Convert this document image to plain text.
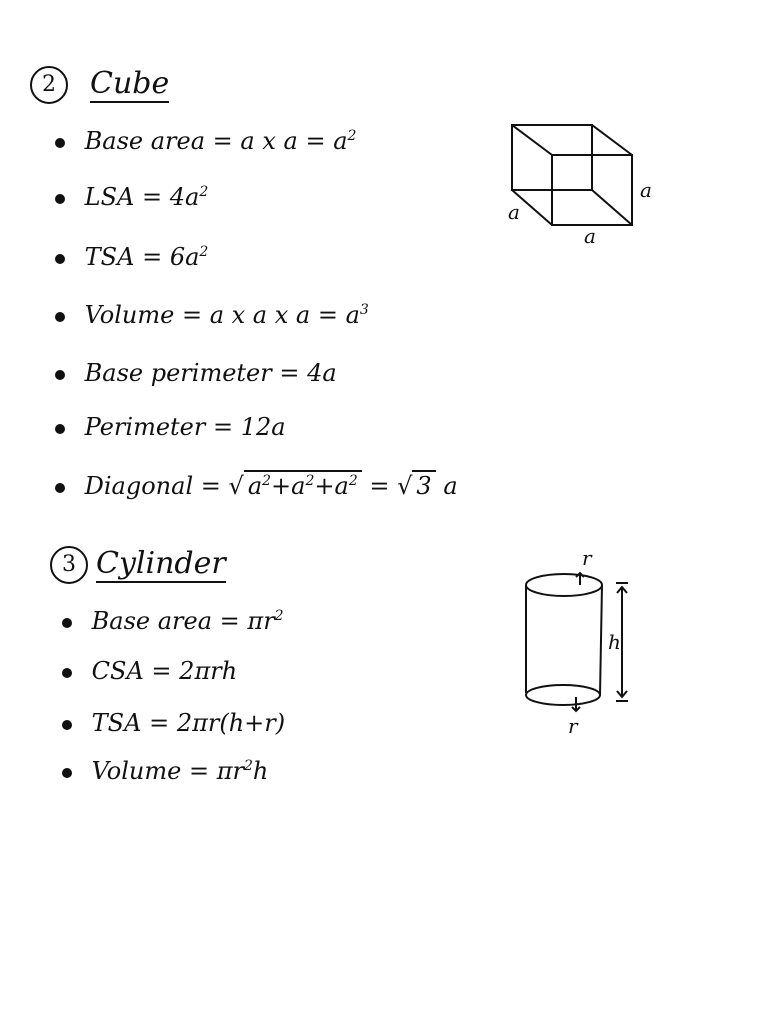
2	Cube
Base area = a x $a = a^2$
LSA = $4a^2$
TSA = $6a^2$
Volume = a x a x $a = a^3$
Base perimeter = 4a
Perimeter = 12a
Diagonal = √ $a^2+a^2+a^2$ = √ 3 a
a
a
a
3 Cylinder
Base area = $\pi r^2$
CSA = 2πrh
TSA = 2πr(h+r)
Volume = $\pi r^2h$
r
r
h
